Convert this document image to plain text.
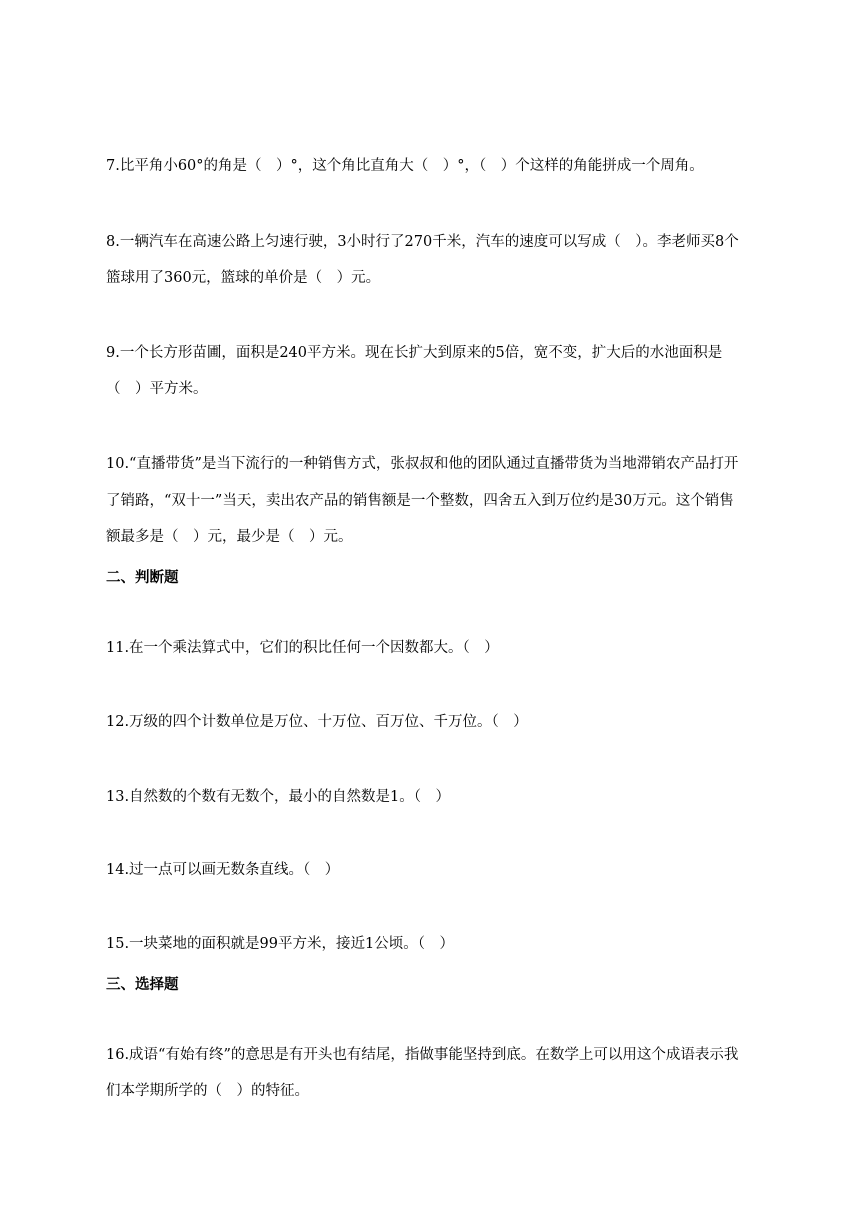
7.比平角小60°的角是（　）°，这个角比直角大（　）°，（　）个这样的角能拼成一个周角。
8.一辆汽车在高速公路上匀速行驶，3小时行了270千米，汽车的速度可以写成（　）。李老师买8个
篮球用了360元，篮球的单价是（　）元。
9.一个长方形苗圃，面积是240平方米。现在长扩大到原来的5倍，宽不变，扩大后的水池面积是
（　）平方米。
10.“直播带货”是当下流行的一种销售方式，张叔叔和他的团队通过直播带货为当地滞销农产品打开
了销路，“双十一”当天，卖出农产品的销售额是一个整数，四舍五入到万位约是30万元。这个销售
额最多是（　）元，最少是（　）元。
二、判断题
11.在一个乘法算式中，它们的积比任何一个因数都大。（　）
12.万级的四个计数单位是万位、十万位、百万位、千万位。（　）
13.自然数的个数有无数个，最小的自然数是1。（　）
14.过一点可以画无数条直线。（　）
15.一块菜地的面积就是99平方米，接近1公顷。（　）
三、选择题
16.成语“有始有终”的意思是有开头也有结尾，指做事能坚持到底。在数学上可以用这个成语表示我
们本学期所学的（　）的特征。
